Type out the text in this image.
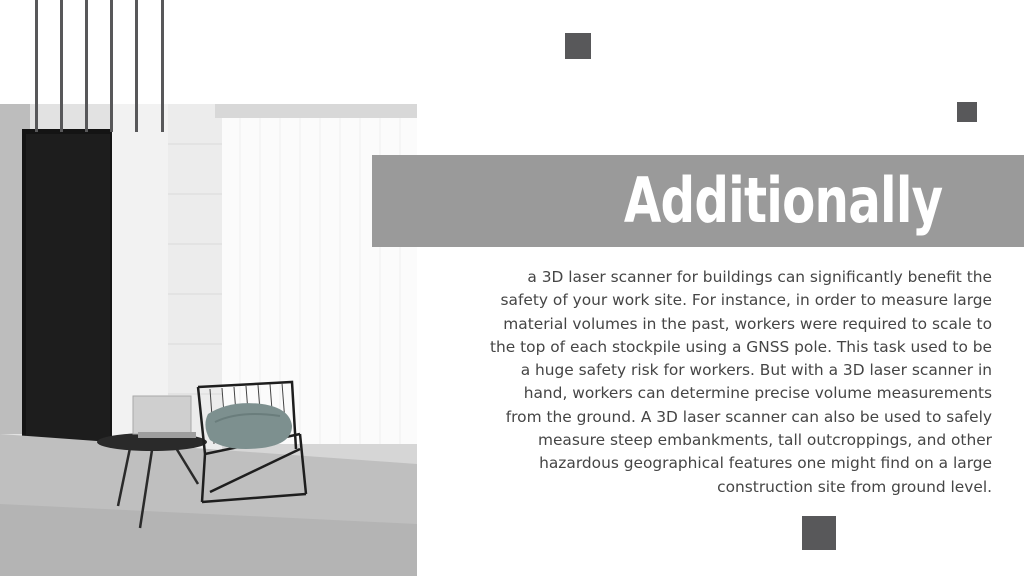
Additionally
a 3D laser scanner for buildings can significantly benefit the
safety of your work site. For instance, in order to measure large
material volumes in the past, workers were required to scale to
the top of each stockpile using a GNSS pole. This task used to be
a huge safety risk for workers. But with a 3D laser scanner in
hand, workers can determine precise volume measurements
from the ground. A 3D laser scanner can also be used to safely
measure steep embankments, tall outcroppings, and other
hazardous geographical features one might find on a large
construction site from ground level.
